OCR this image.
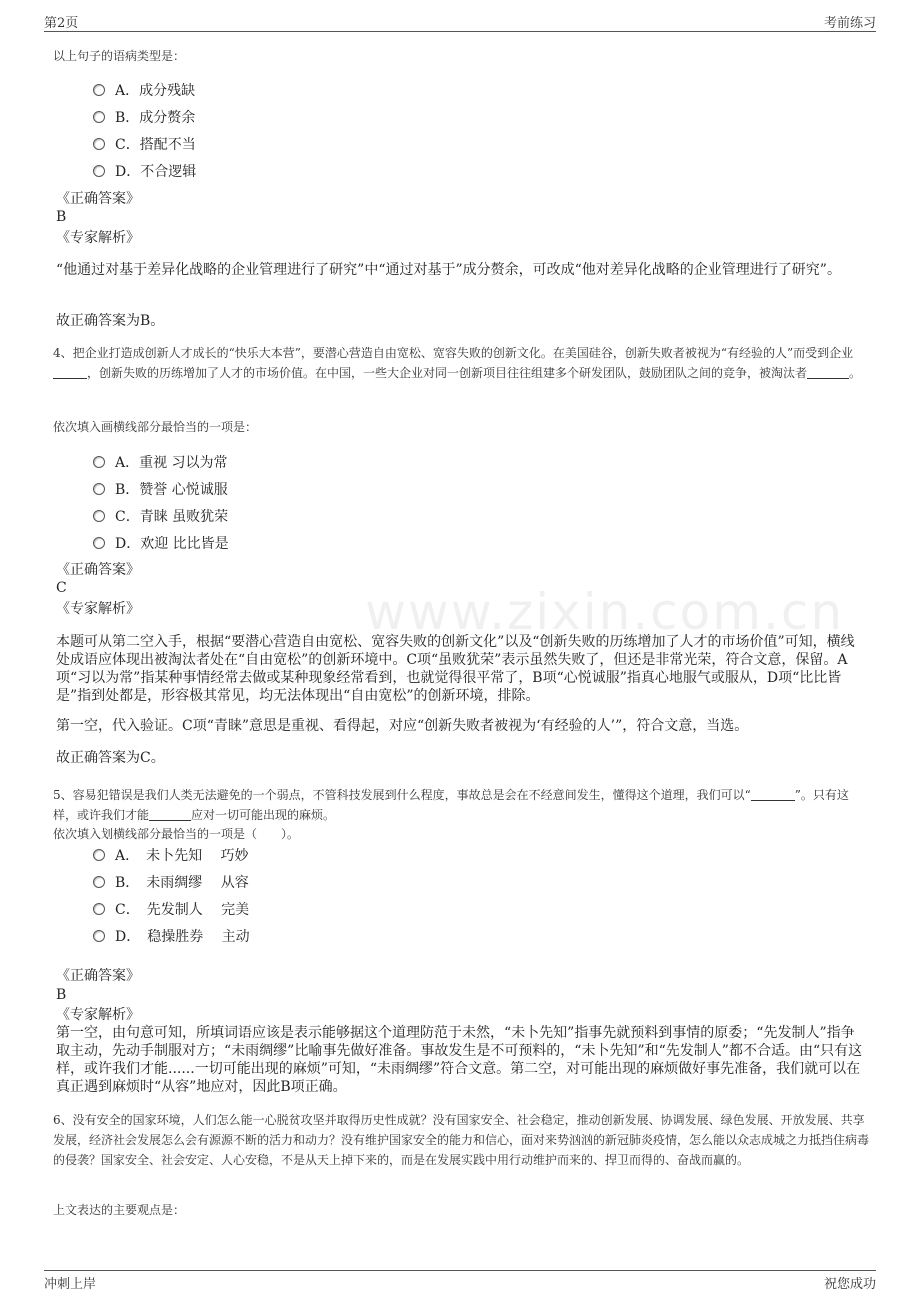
第2页	考前练习
www.zixin.com.cn
以上句子的语病类型是：
A．成分残缺
B．成分赘余
C．搭配不当
D．不合逻辑
《正确答案》
B
《专家解析》
“他通过对基于差异化战略的企业管理进行了研究”中“通过对基于”成分赘余，可改成“他对差异化战略的企业管理进行了研究”。
故正确答案为B。
4、把企业打造成创新人才成长的“快乐大本营”，要潜心营造自由宽松、宽容失败的创新文化。在美国硅谷，创新失败者被视为“有经验的人”而受到企业，创新失败的历练增加了人才的市场价值。在中国，一些大企业对同一创新项目往往组建多个研发团队，鼓励团队之间的竞争，被淘汰者	。
依次填入画横线部分最恰当的一项是：
A．重视 习以为常
B．赞誉 心悦诚服
C．青睐 虽败犹荣
D．欢迎 比比皆是
《正确答案》
C
《专家解析》
本题可从第二空入手，根据“要潜心营造自由宽松、宽容失败的创新文化”以及“创新失败的历练增加了人才的市场价值”可知，横线处成语应体现出被淘汰者处在“自由宽松”的创新环境中。C项“虽败犹荣”表示虽然失败了，但还是非常光荣，符合文意，保留。A项“习以为常”指某种事情经常去做或某种现象经常看到，也就觉得很平常了，B项“心悦诚服”指真心地服气或服从，D项“比比皆是”指到处都是，形容极其常见，均无法体现出“自由宽松”的创新环境，排除。
第一空，代入验证。C项“青睐”意思是重视、看得起，对应“创新失败者被视为‘有经验的人’”，符合文意，当选。
故正确答案为C。
5、容易犯错误是我们人类无法避免的一个弱点，不管科技发展到什么程度，事故总是会在不经意间发生，懂得这个道理，我们可以“	”。只有这样，或许我们才能	应对一切可能出现的麻烦。
依次填入划横线部分最恰当的一项是（　　）。
A．　未卜先知　 巧妙
B．　未雨绸缪　 从容
C．　先发制人　 完美
D．　稳操胜券　 主动
《正确答案》
B
《专家解析》
第一空，由句意可知，所填词语应该是表示能够据这个道理防范于未然，“未卜先知”指事先就预料到事情的原委；“先发制人”指争取主动，先动手制服对方；“未雨绸缪”比喻事先做好准备。事故发生是不可预料的，“未卜先知”和“先发制人”都不合适。由“只有这样，或许我们才能......一切可能出现的麻烦”可知，“未雨绸缪”符合文意。第二空，对可能出现的麻烦做好事先准备，我们就可以在真正遇到麻烦时“从容”地应对，因此B项正确。
6、没有安全的国家环境，人们怎么能一心脱贫攻坚并取得历史性成就？没有国家安全、社会稳定，推动创新发展、协调发展、绿色发展、开放发展、共享发展，经济社会发展怎么会有源源不断的活力和动力？没有维护国家安全的能力和信心，面对来势汹汹的新冠肺炎疫情，怎么能以众志成城之力抵挡住病毒的侵袭？国家安全、社会安定、人心安稳，不是从天上掉下来的，而是在发展实践中用行动维护而来的、捍卫而得的、奋战而赢的。
上文表达的主要观点是：
冲刺上岸	祝您成功
